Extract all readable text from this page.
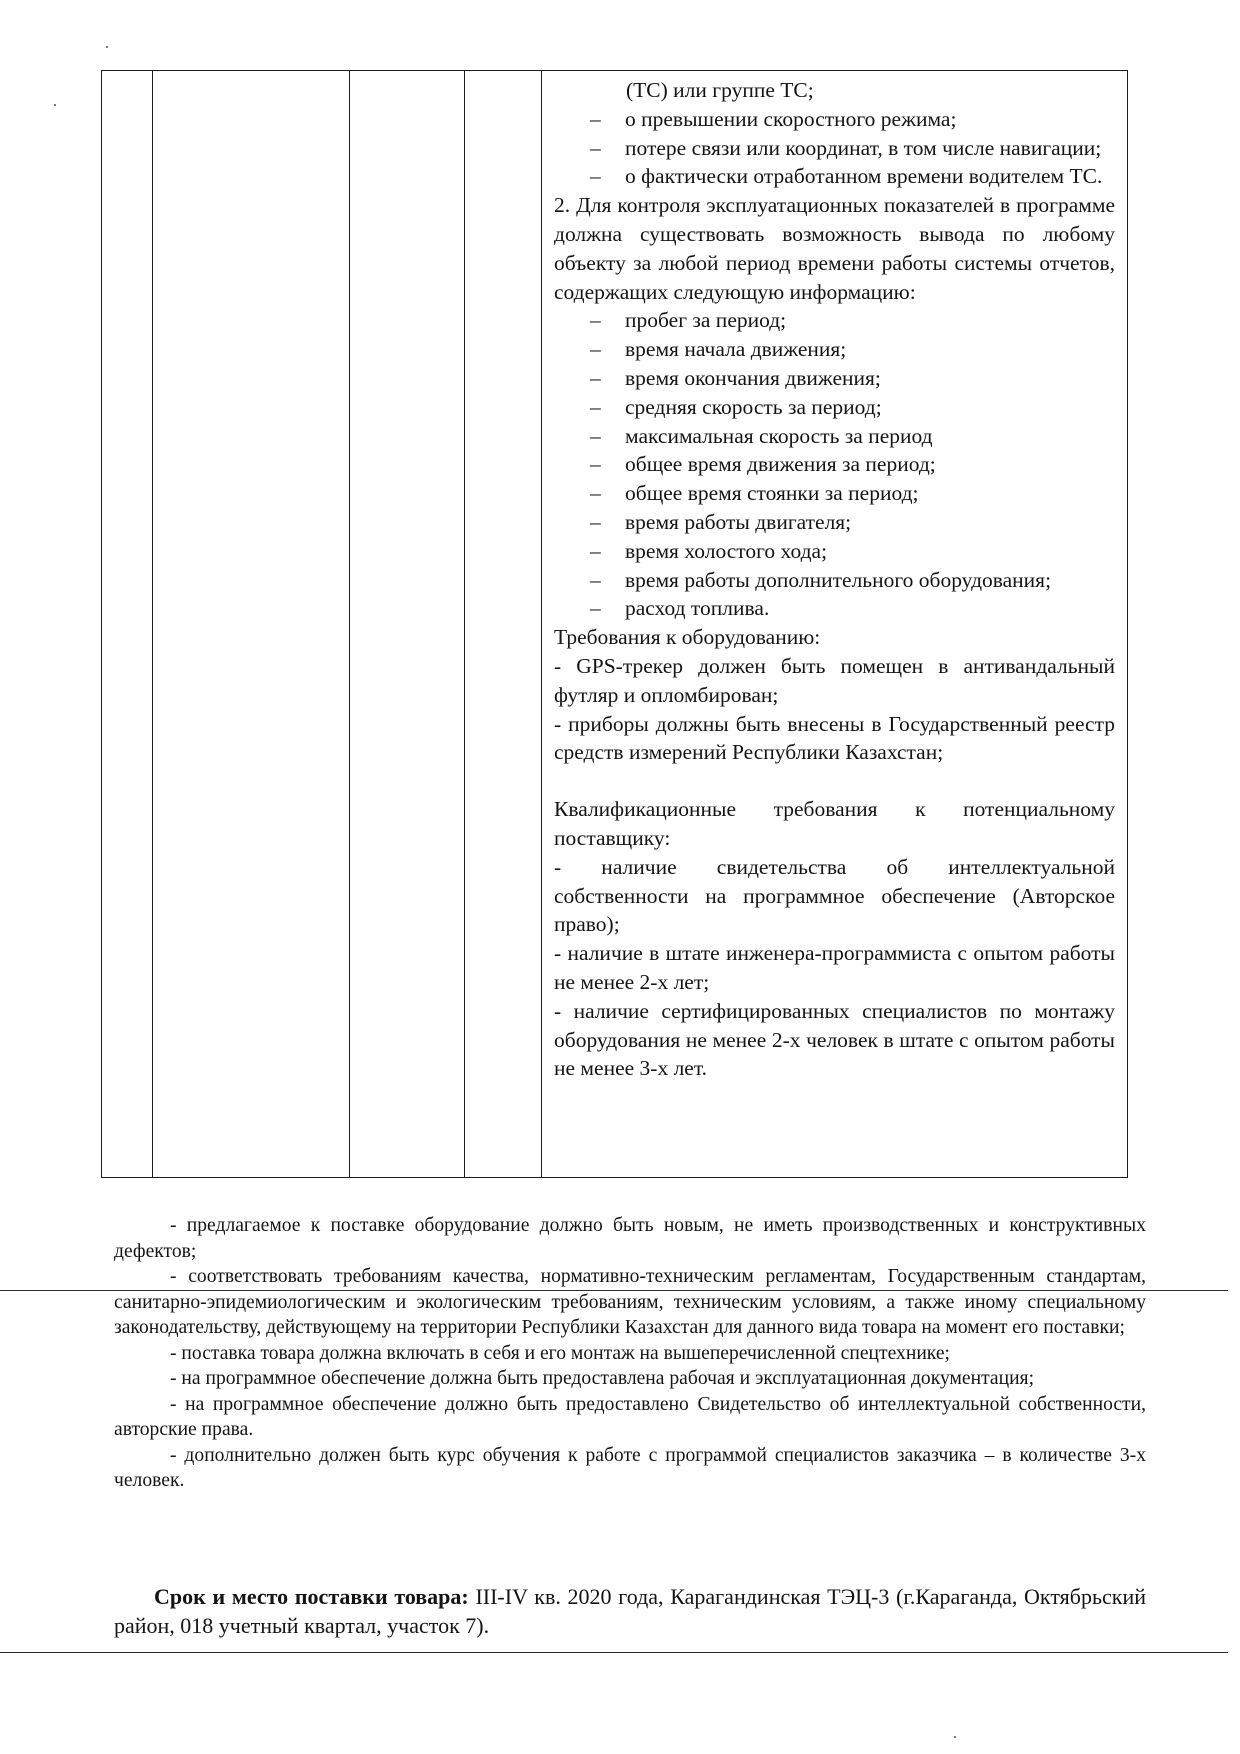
(ТС) или группе ТС;
–	о превышении скоростного режима;
–	потере связи или координат, в том числе навигации;
–	о фактически отработанном времени водителем ТС.

2. Для контроля эксплуатационных показателей в программе должна существовать возможность вывода по любому объекту за любой период времени работы системы отчетов, содержащих следующую информацию:

–	пробег за период;
–	время начала движения;
–	время окончания движения;
–	средняя скорость за период;
–	максимальная скорость за период
–	общее время движения за период;
–	общее время стоянки за период;
–	время работы двигателя;
–	время холостого хода;
–	время работы дополнительного оборудования;
–	расход топлива.

Требования к оборудованию:

- GPS-трекер должен быть помещен в антивандальный футляр и опломбирован;

- приборы должны быть внесены в Государственный реестр средств измерений Республики Казахстан;

Квалификационные требования к потенциальному поставщику:

- наличие свидетельства об интеллектуальной собственности на программное обеспечение (Авторское право);

- наличие в штате инженера-программиста с опытом работы не менее 2-х лет;

- наличие сертифицированных специалистов по монтажу оборудования не менее 2-х человек в штате с опытом работы не менее 3-х лет.

- предлагаемое к поставке оборудование должно быть новым, не иметь производственных и конструктивных дефектов;

- соответствовать требованиям качества, нормативно-техническим регламентам, Государственным стандартам, санитарно-эпидемиологическим и экологическим требованиям, техническим условиям, а также иному специальному законодательству, действующему на территории Республики Казахстан для данного вида товара на момент его поставки;

- поставка товара должна включать в себя и его монтаж на вышеперечисленной спецтехнике;

- на программное обеспечение должна быть предоставлена рабочая и эксплуатационная документация;

- на программное обеспечение должно быть предоставлено Свидетельство об интеллектуальной собственности, авторские права.

- дополнительно должен быть курс обучения к работе с программой специалистов заказчика – в количестве 3-х человек.

Срок и место поставки товара: III-IV кв. 2020 года, Карагандинская ТЭЦ-3 (г.Караганда, Октябрьский район, 018 учетный квартал, участок 7).
